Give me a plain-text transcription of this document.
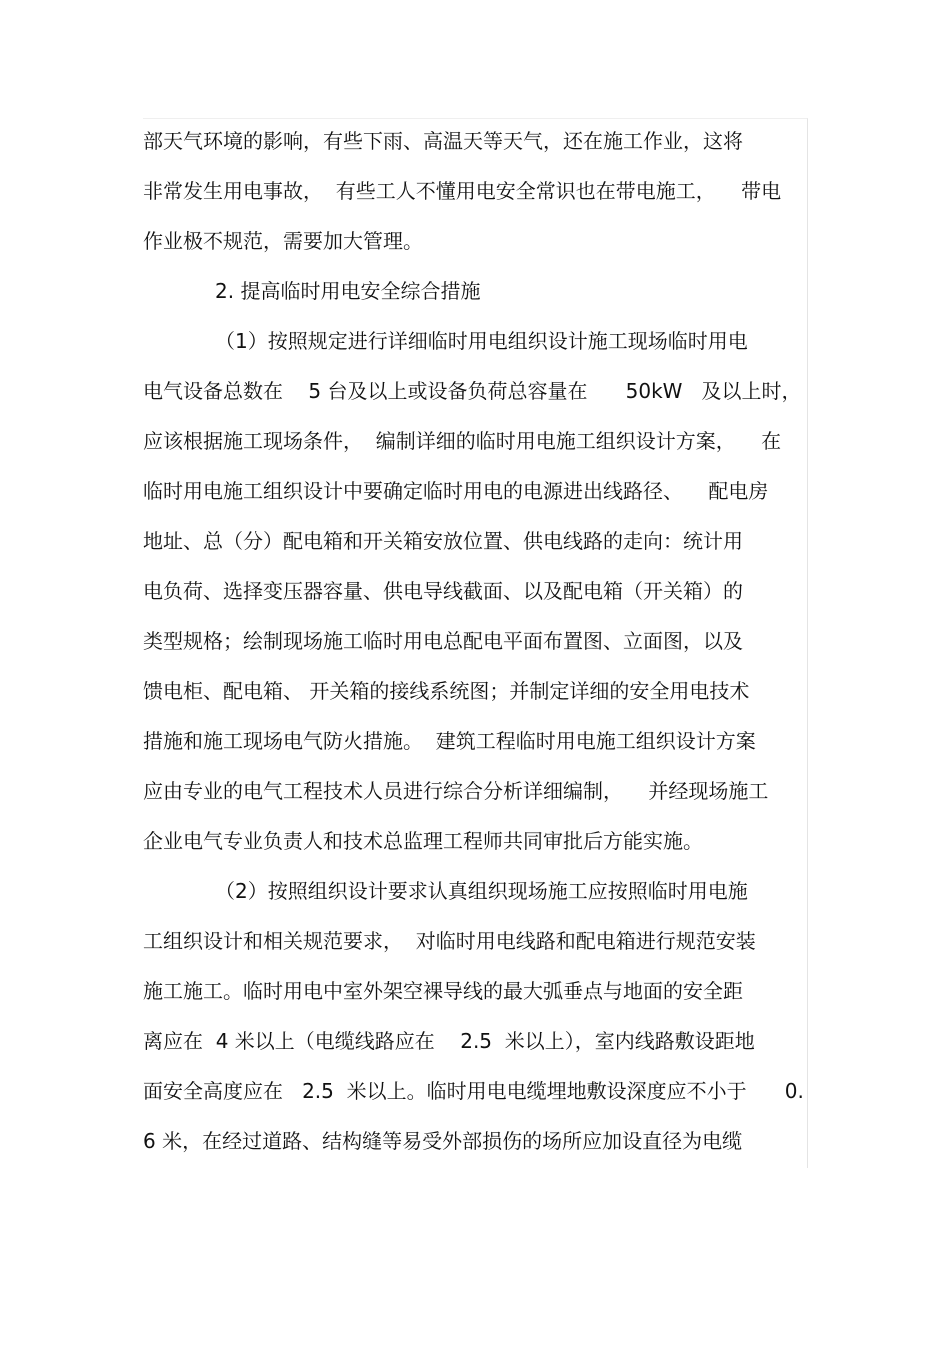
部天气环境的影响，有些下雨、高温天等天气，还在施工作业，这将
非常发生用电事故，  有些工人不懂用电安全常识也在带电施工，    带电
作业极不规范，需要加大管理。
2. 提高临时用电安全综合措施
（1）按照规定进行详细临时用电组织设计施工现场临时用电
电气设备总数在    5 台及以上或设备负荷总容量在      50kW   及以上时，
应该根据施工现场条件，  编制详细的临时用电施工组织设计方案，    在
临时用电施工组织设计中要确定临时用电的电源进出线路径、    配电房
地址、总（分）配电箱和开关箱安放位置、供电线路的走向：统计用
电负荷、选择变压器容量、供电导线截面、以及配电箱（开关箱）的
类型规格；绘制现场施工临时用电总配电平面布置图、立面图，以及
馈电柜、配电箱、 开关箱的接线系统图；并制定详细的安全用电技术
措施和施工现场电气防火措施。  建筑工程临时用电施工组织设计方案
应由专业的电气工程技术人员进行综合分析详细编制，    并经现场施工
企业电气专业负责人和技术总监理工程师共同审批后方能实施。
（2）按照组织设计要求认真组织现场施工应按照临时用电施
工组织设计和相关规范要求，  对临时用电线路和配电箱进行规范安装
施工施工。临时用电中室外架空裸导线的最大弧垂点与地面的安全距
离应在  4 米以上（电缆线路应在    2.5  米以上），室内线路敷设距地
面安全高度应在   2.5  米以上。临时用电电缆埋地敷设深度应不小于      0.
6 米，在经过道路、结构缝等易受外部损伤的场所应加设直径为电缆
